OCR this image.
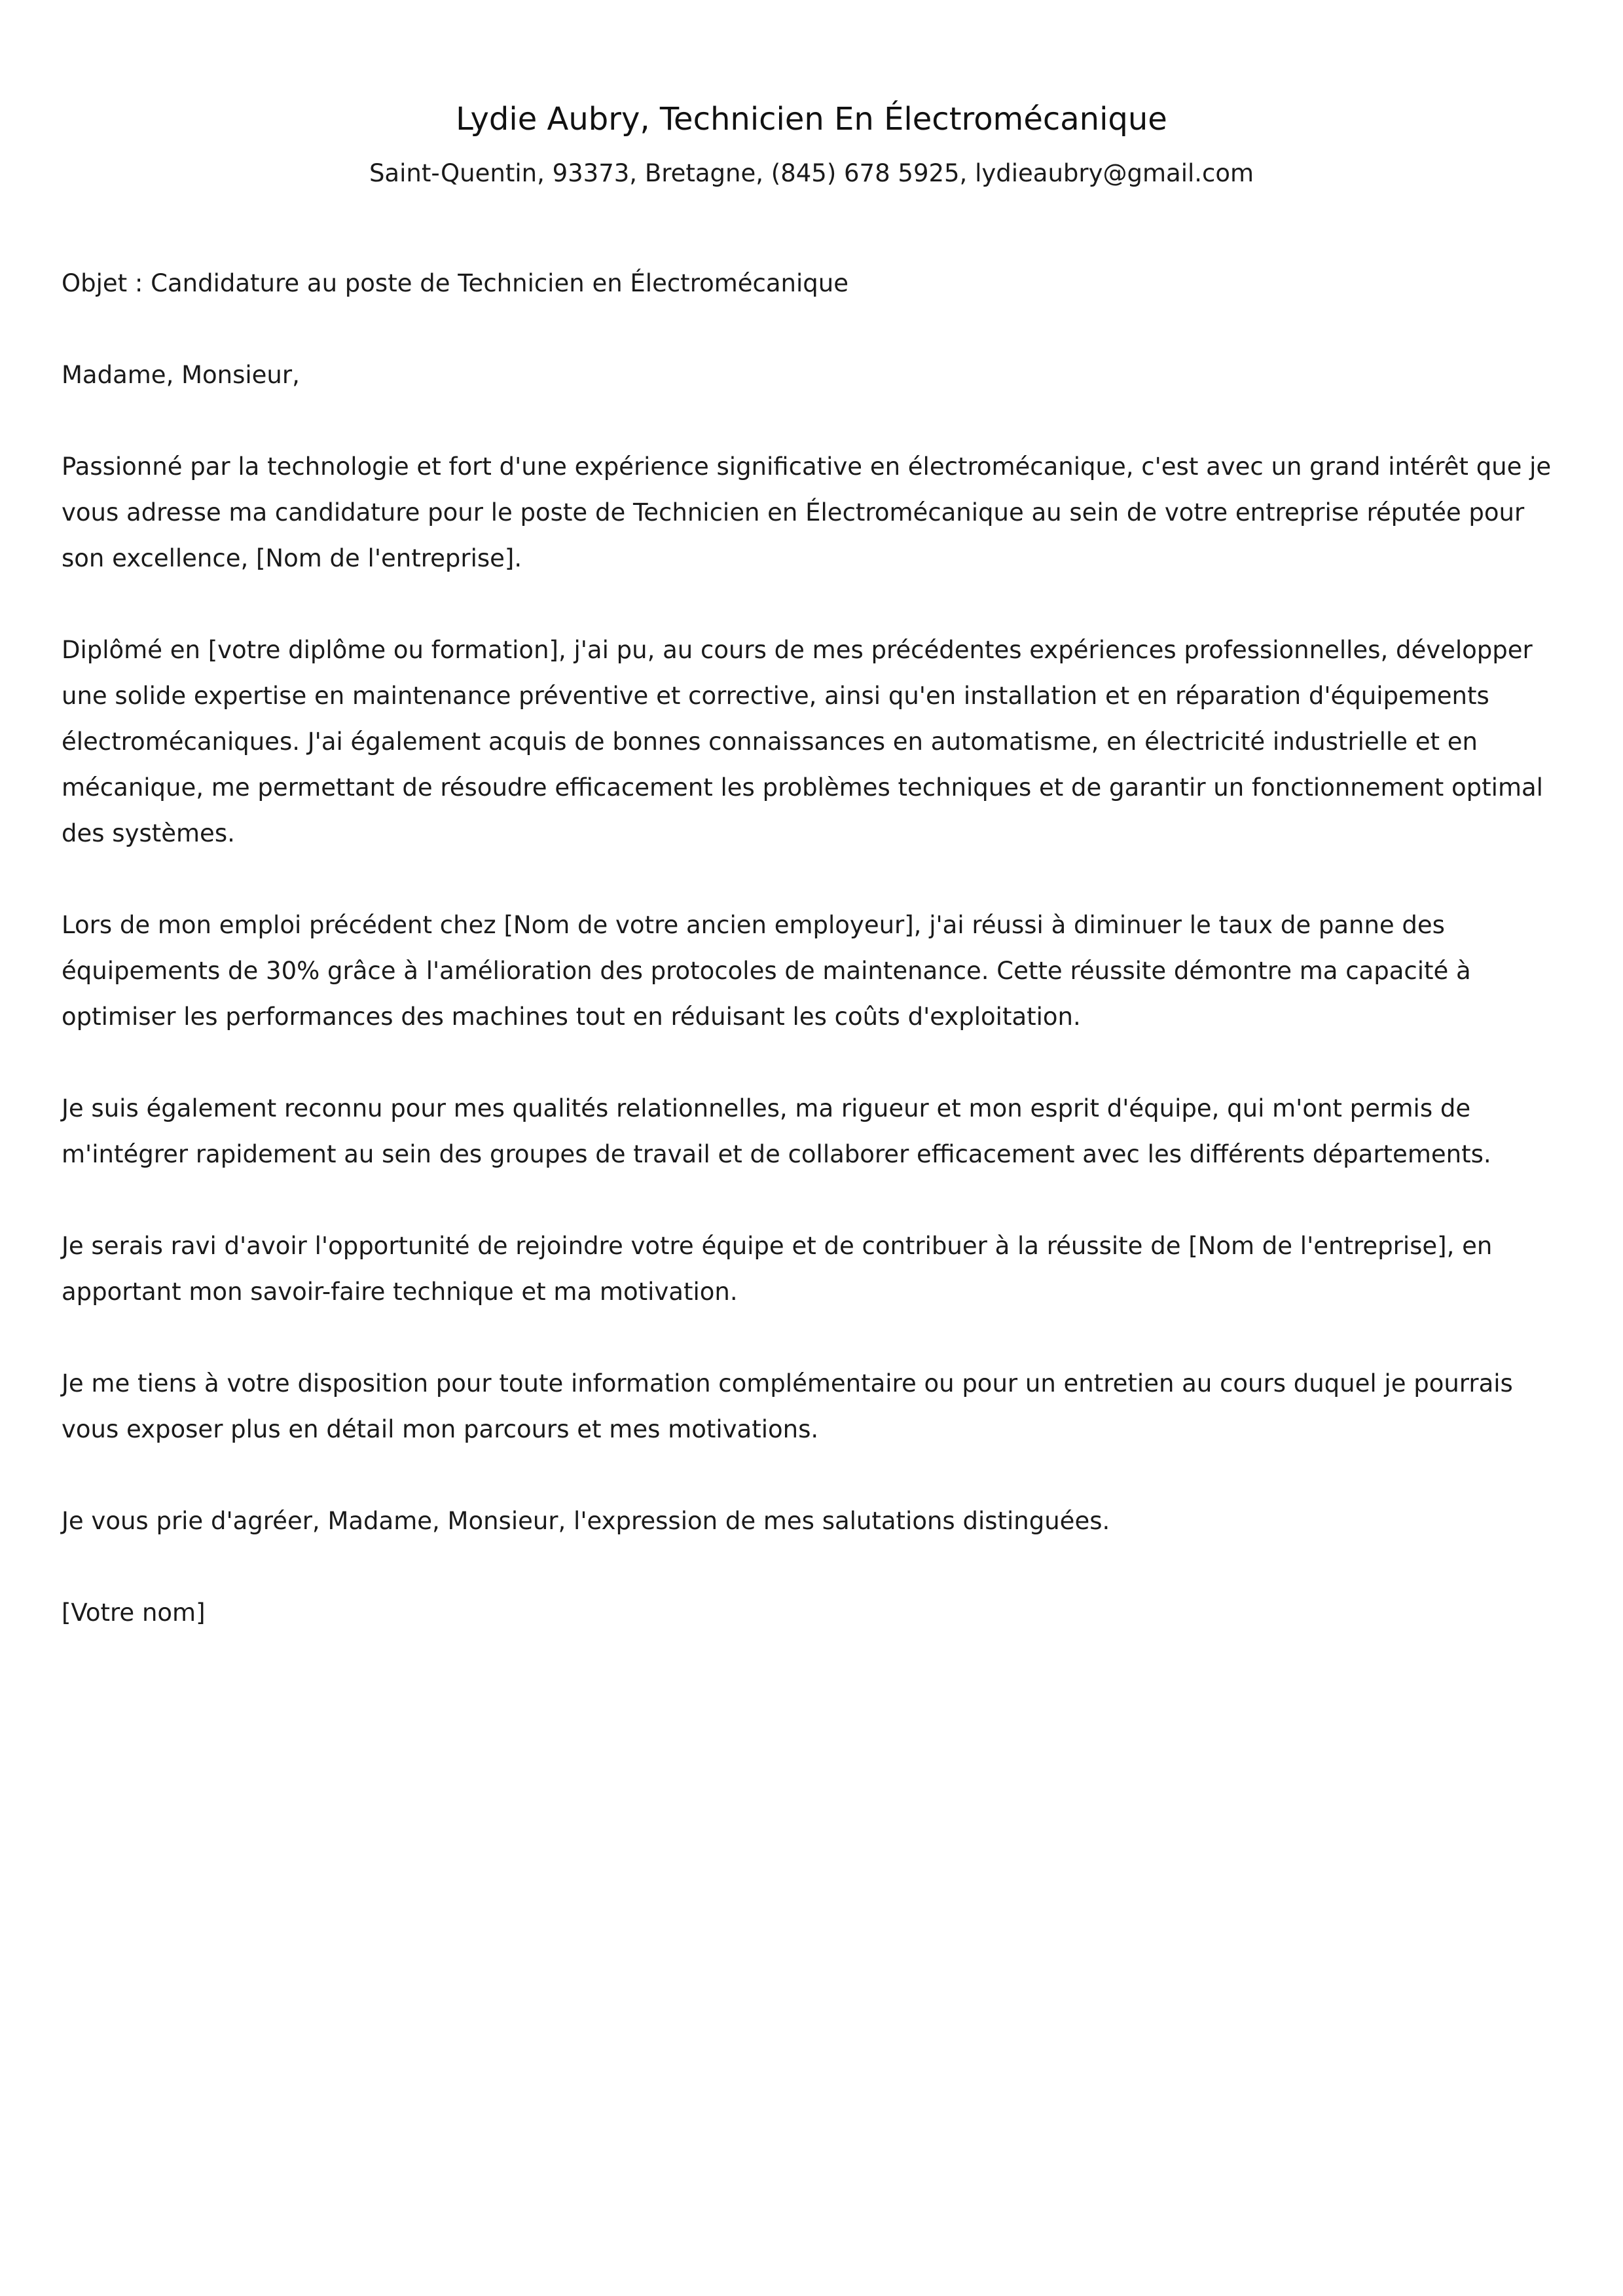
Lydie Aubry, Technicien En Électromécanique

Saint-Quentin, 93373, Bretagne, (845) 678 5925, lydieaubry@gmail.com

Objet : Candidature au poste de Technicien en Électromécanique

Madame, Monsieur,

Passionné par la technologie et fort d'une expérience significative en électromécanique, c'est avec un grand intérêt que je vous adresse ma candidature pour le poste de Technicien en Électromécanique au sein de votre entreprise réputée pour son excellence, [Nom de l'entreprise].

Diplômé en [votre diplôme ou formation], j'ai pu, au cours de mes précédentes expériences professionnelles, développer une solide expertise en maintenance préventive et corrective, ainsi qu'en installation et en réparation d'équipements électromécaniques. J'ai également acquis de bonnes connaissances en automatisme, en électricité industrielle et en mécanique, me permettant de résoudre efficacement les problèmes techniques et de garantir un fonctionnement optimal des systèmes.

Lors de mon emploi précédent chez [Nom de votre ancien employeur], j'ai réussi à diminuer le taux de panne des équipements de 30% grâce à l'amélioration des protocoles de maintenance. Cette réussite démontre ma capacité à optimiser les performances des machines tout en réduisant les coûts d'exploitation.

Je suis également reconnu pour mes qualités relationnelles, ma rigueur et mon esprit d'équipe, qui m'ont permis de m'intégrer rapidement au sein des groupes de travail et de collaborer efficacement avec les différents départements.

Je serais ravi d'avoir l'opportunité de rejoindre votre équipe et de contribuer à la réussite de [Nom de l'entreprise], en apportant mon savoir-faire technique et ma motivation.

Je me tiens à votre disposition pour toute information complémentaire ou pour un entretien au cours duquel je pourrais vous exposer plus en détail mon parcours et mes motivations.

Je vous prie d'agréer, Madame, Monsieur, l'expression de mes salutations distinguées.

[Votre nom]
